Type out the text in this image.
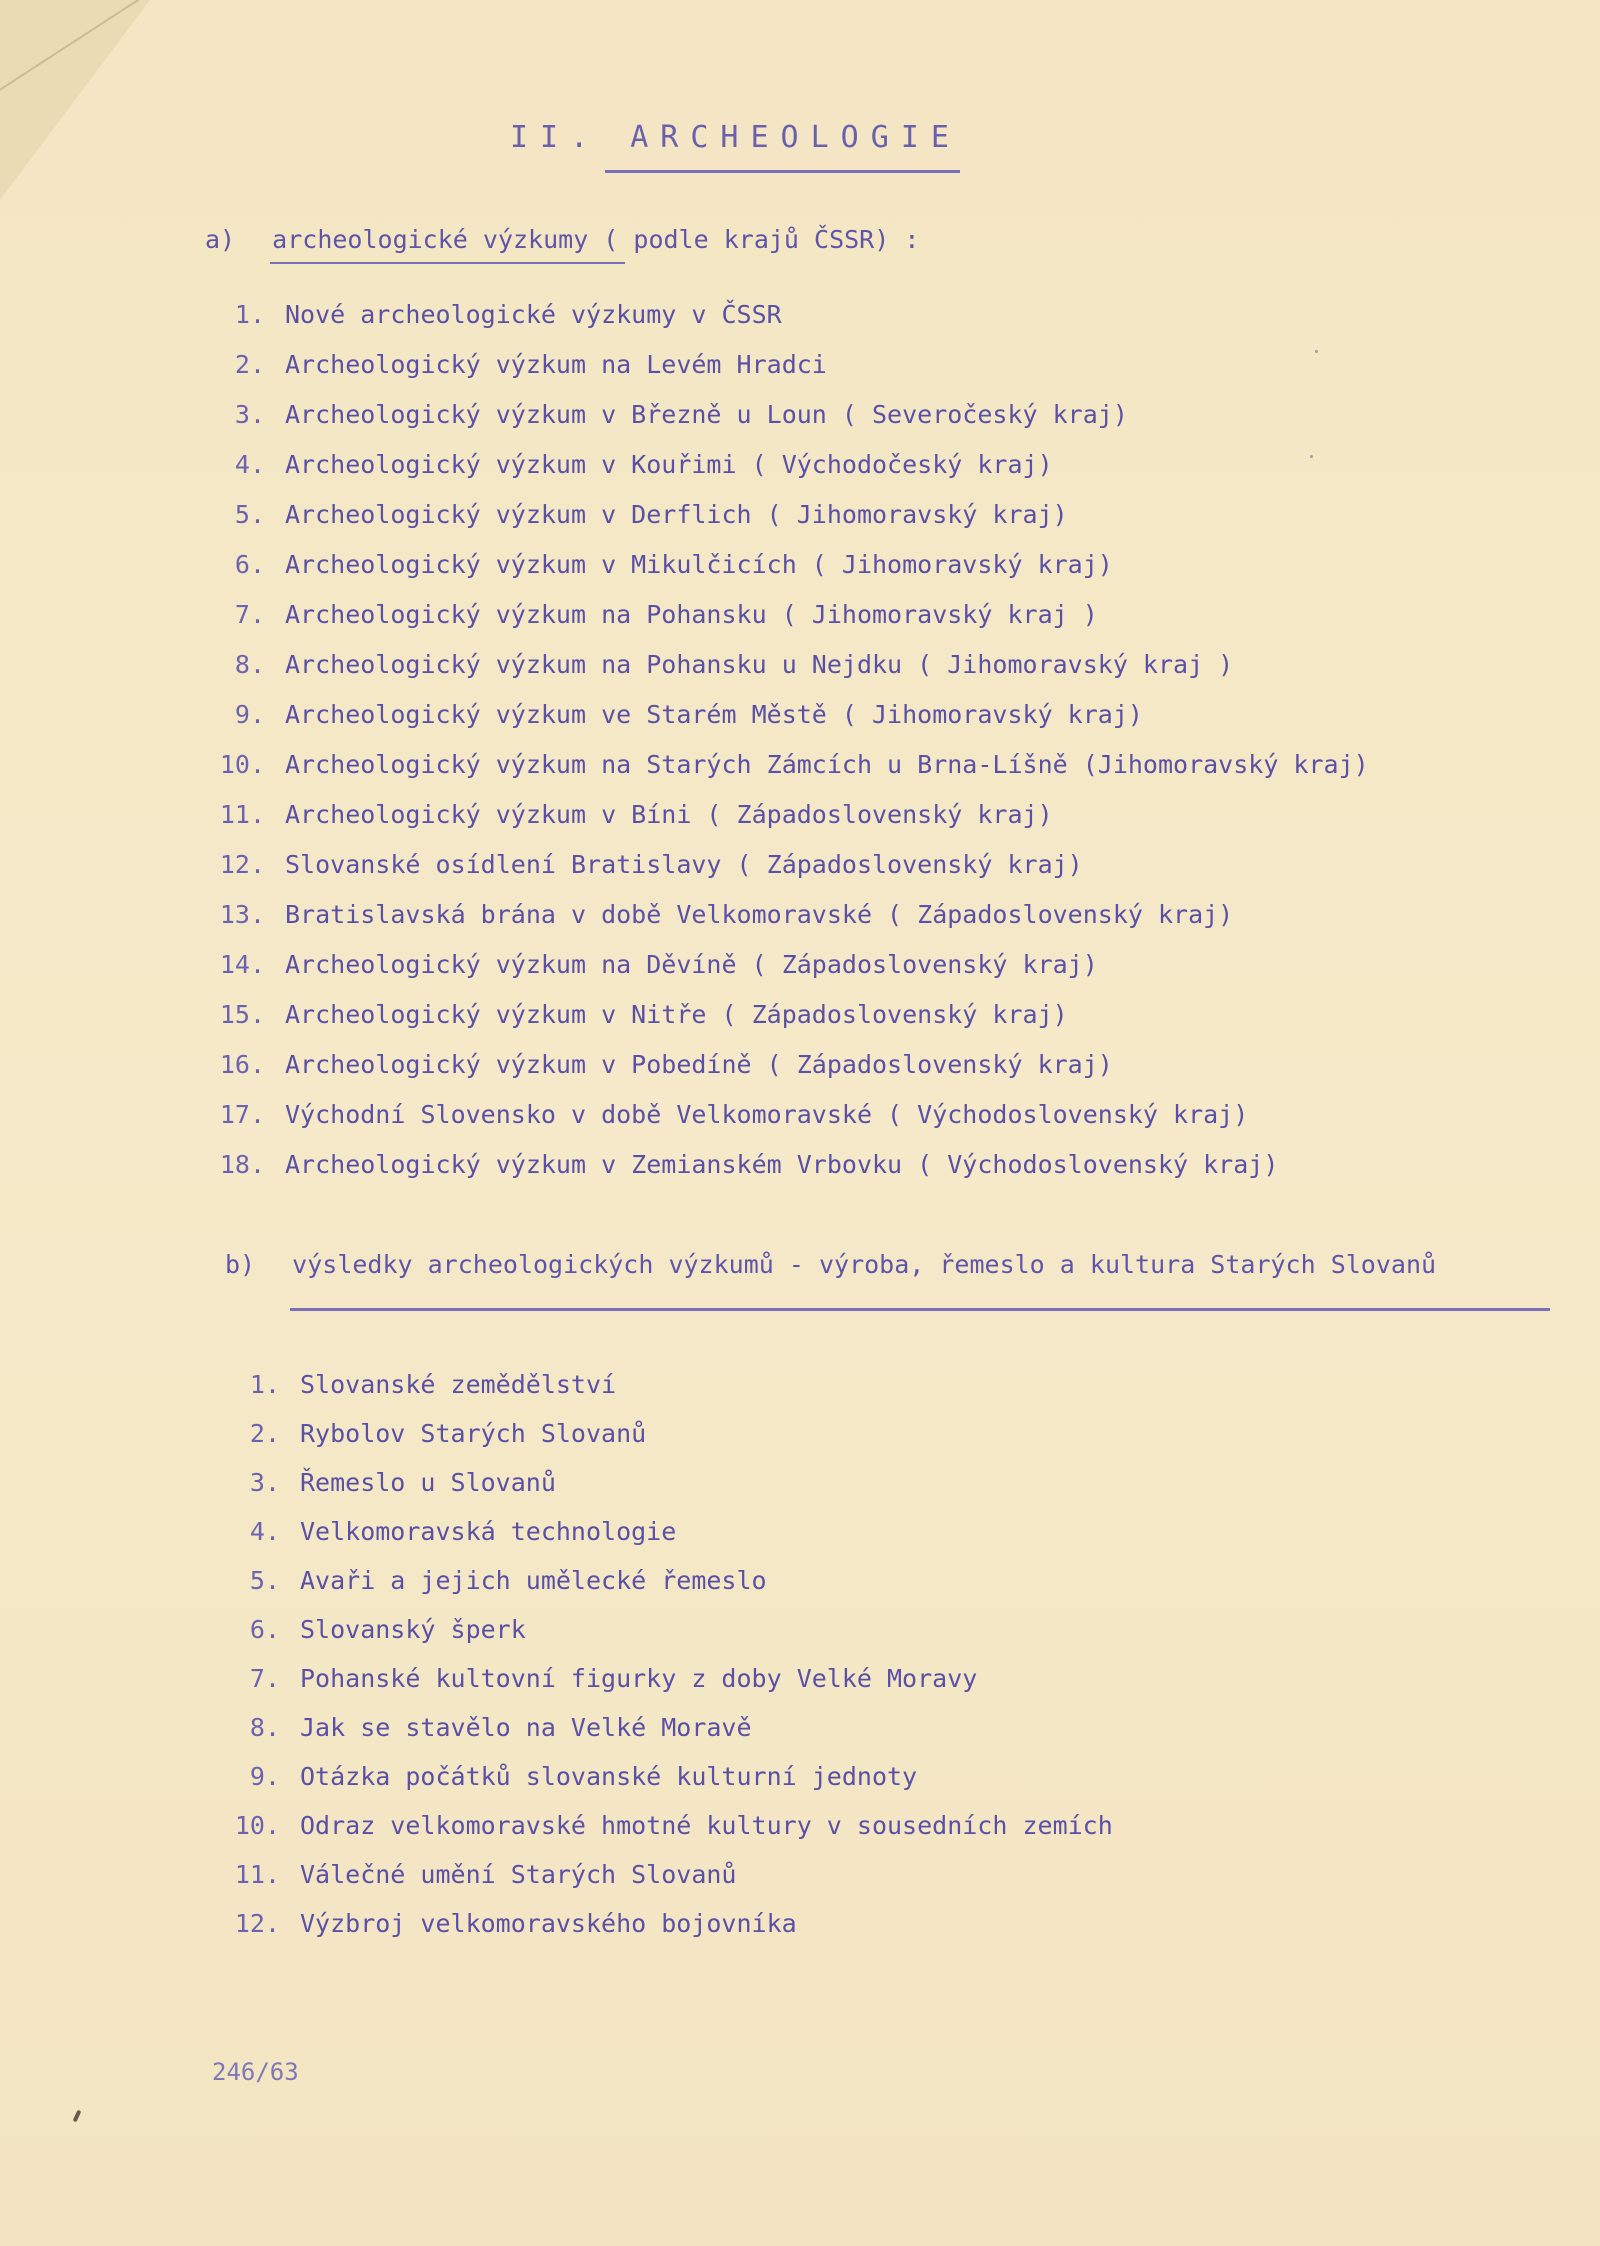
II. ARCHEOLOGIE
a) archeologické výzkumy ( podle krajů ČSSR) :
1. Nové archeologické výzkumy v ČSSR
2. Archeologický výzkum na Levém Hradci
3. Archeologický výzkum v Březně u Loun ( Severočeský kraj)
4. Archeologický výzkum v Kouřimi ( Východočeský kraj)
5. Archeologický výzkum v Derflich ( Jihomoravský kraj)
6. Archeologický výzkum v Mikulčicích ( Jihomoravský kraj)
7. Archeologický výzkum na Pohansku ( Jihomoravský kraj )
8. Archeologický výzkum na Pohansku u Nejdku ( Jihomoravský kraj )
9. Archeologický výzkum ve Starém Městě ( Jihomoravský kraj)
10. Archeologický výzkum na Starých Zámcích u Brna-Líšně (Jihomoravský kraj)
11. Archeologický výzkum v Bíni ( Západoslovenský kraj)
12. Slovanské osídlení Bratislavy ( Západoslovenský kraj)
13. Bratislavská brána v době Velkomoravské ( Západoslovenský kraj)
14. Archeologický výzkum na Děvíně ( Západoslovenský kraj)
15. Archeologický výzkum v Nitře ( Západoslovenský kraj)
16. Archeologický výzkum v Pobedíně ( Západoslovenský kraj)
17. Východní Slovensko v době Velkomoravské ( Východoslovenský kraj)
18. Archeologický výzkum v Zemianském Vrbovku ( Východoslovenský kraj)
b) výsledky archeologických výzkumů - výroba, řemeslo a kultura Starých Slovanů
1. Slovanské zemědělství
2. Rybolov Starých Slovanů
3. Řemeslo u Slovanů
4. Velkomoravská technologie
5. Avaři a jejich umělecké řemeslo
6. Slovanský šperk
7. Pohanské kultovní figurky z doby Velké Moravy
8. Jak se stavělo na Velké Moravě
9. Otázka počátků slovanské kulturní jednoty
10. Odraz velkomoravské hmotné kultury v sousedních zemích
11. Válečné umění Starých Slovanů
12. Výzbroj velkomoravského bojovníka
246/63
